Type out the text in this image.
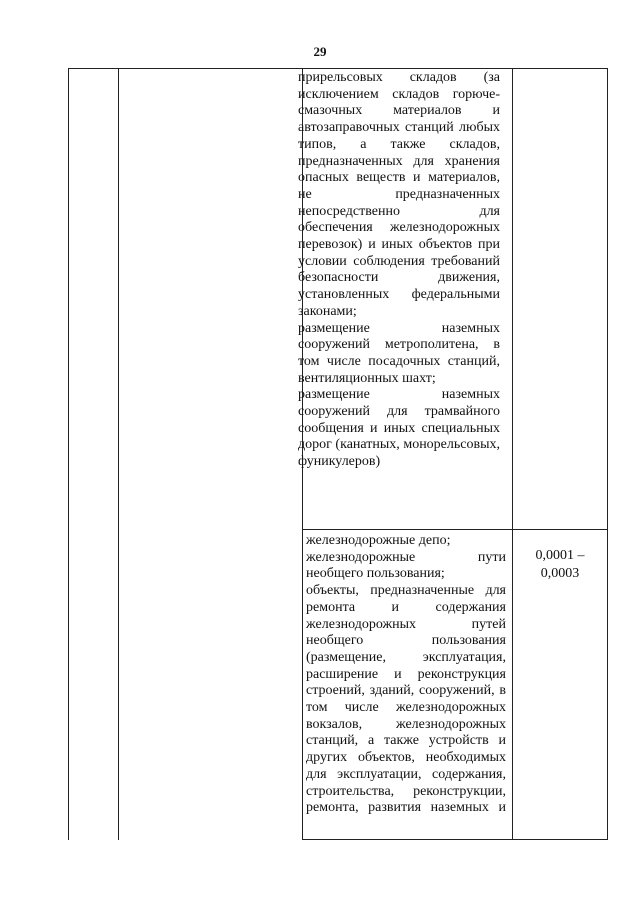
29

прирельсовых складов (за исключением складов горюче-смазочных материалов и автозаправочных станций любых типов, а также складов, предназначенных для хранения опасных веществ и материалов, не предназначенных непосредственно для обеспечения железнодорожных перевозок) и иных объектов при условии соблюдения требований безопасности движения, установленных федеральными законами;

размещение наземных сооружений метрополитена, в том числе посадочных станций, вентиляционных шахт;

размещение наземных сооружений для трамвайного сообщения и иных специальных дорог (канатных, монорельсовых, фуникулеров)

железнодорожные депо;

железнодорожные пути необщего пользования;

объекты, предназначенные для ремонта и содержания железнодорожных путей необщего пользования (размещение, эксплуатация, расширение и реконструкция строений, зданий, сооружений, в том числе железнодорожных вокзалов, железнодорожных станций, а также устройств и других объектов, необходимых для эксплуатации, содержания, строительства, реконструкции, ремонта, развития наземных и

0,0001 – 0,0003
